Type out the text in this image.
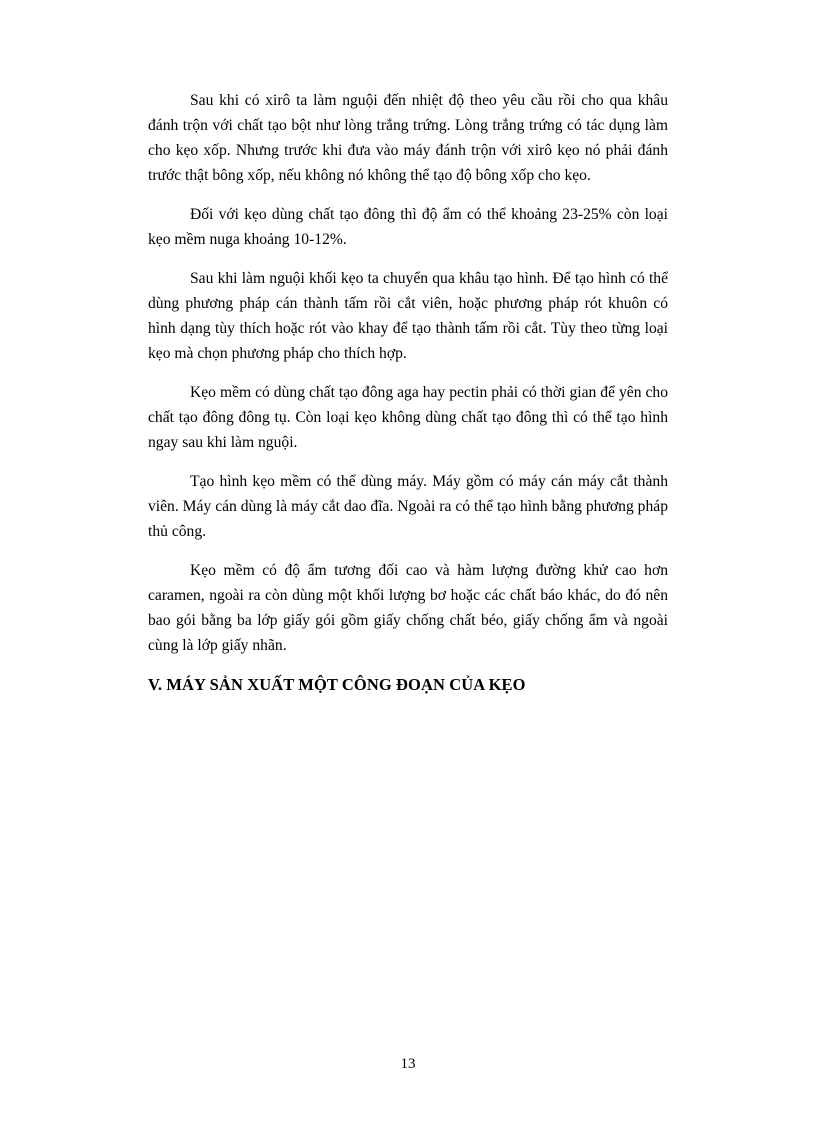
Sau khi có xirô ta làm nguội đến nhiệt độ theo yêu cầu rồi cho qua khâu đánh trộn với chất tạo bột như lòng trắng trứng. Lòng trắng trứng có tác dụng làm cho kẹo xốp. Nhưng trước khi đưa vào máy đánh trộn với xirô kẹo nó phải đánh trước thật bông xốp, nếu không nó không thể tạo độ bông xốp cho kẹo.

Đối với kẹo dùng chất tạo đông thì độ ẩm có thể khoảng 23-25% còn loại kẹo mềm nuga khoảng 10-12%.

Sau khi làm nguội khối kẹo ta chuyển qua khâu tạo hình. Để tạo hình có thể dùng phương pháp cán thành tấm rồi cắt viên, hoặc phương pháp rót khuôn có hình dạng tùy thích hoặc rót vào khay để tạo thành tấm rồi cắt. Tùy theo từng loại kẹo mà chọn phương pháp cho thích hợp.

Kẹo mềm có dùng chất tạo đông aga hay pectin phải có thời gian để yên cho chất tạo đông đông tụ. Còn loại kẹo không dùng chất tạo đông thì có thể tạo hình ngay sau khi làm nguội.

Tạo hình kẹo mềm có thể dùng máy. Máy gồm có máy cán máy cắt thành viên. Máy cán dùng là máy cắt dao đĩa. Ngoài ra có thể tạo hình bằng phương pháp thủ công.

Kẹo mềm có độ ẩm tương đối cao và hàm lượng đường khử cao hơn caramen, ngoài ra còn dùng một khối lượng bơ hoặc các chất báo khác, do đó nên bao gói bằng ba lớp giấy gói gồm giấy chống chất béo, giấy chống ẩm và ngoài cùng là lớp giấy nhãn.

V. MÁY SẢN XUẤT MỘT CÔNG ĐOẠN CỦA KẸO
13
